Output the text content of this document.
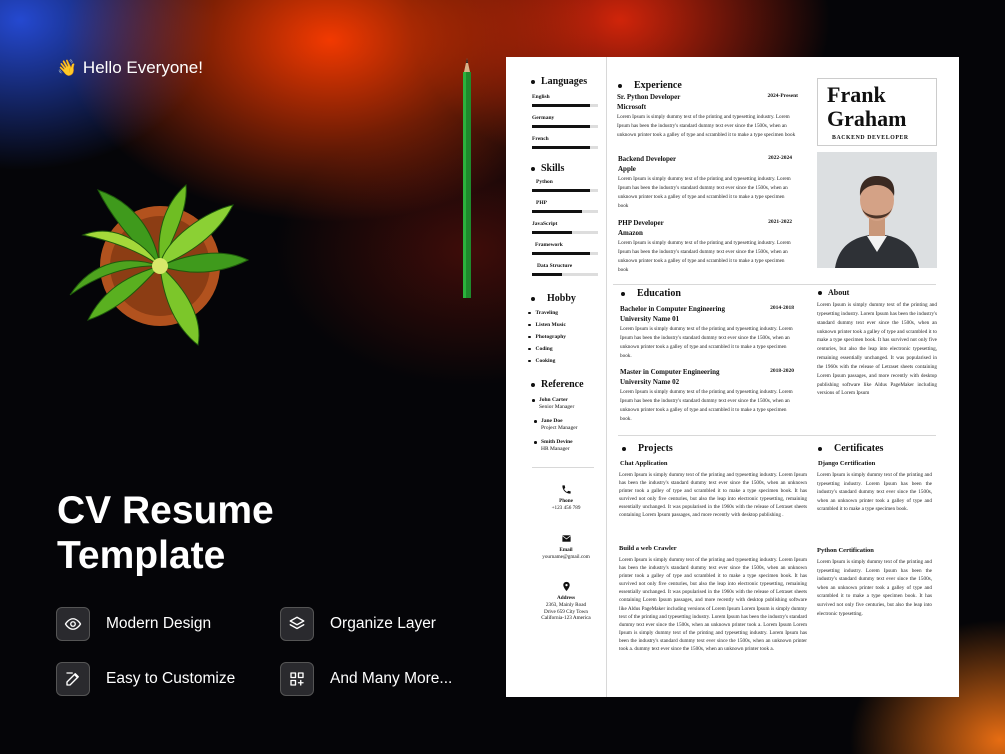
👋 Hello Everyone!
CV Resume
Template
Modern Design	Organize Layer
Easy to Customize	And Many More...
Languages
English
Germany
French
Skills
Python
PHP
JavaScript
Framework
Data Structure
Hobby
Traveling
Listen Music
Photography
Coding
Cooking
Reference
John Carter
Senior Manager
Jane Doe
Project Manager
Smith Devine
HR Manager
Phone
+123 456 789
Email
yourname@gmail.com
Address
2363, Mainly Road
Drive 659 City Town
California-123 America
Experience
Sr. Python Developer
Microsoft
2024-Present

Lorem Ipsum is simply dummy text of the printing and typesetting industry. Lorem Ipsum has been the industry's standard dummy text ever since the 1500s, when an unknown printer took a galley of type and scrambled it to make a type specimen book

Backend Developer
Apple
2022-2024

Lorem Ipsum is simply dummy text of the printing and typesetting industry. Lorem Ipsum has been the industry's standard dummy text ever since the 1500s, when an unknown printer took a galley of type and scrambled it to make a type specimen book

PHP Developer
Amazon
2021-2022

Lorem Ipsum is simply dummy text of the printing and typesetting industry. Lorem Ipsum has been the industry's standard dummy text ever since the 1500s, when an unknown printer took a galley of type and scrambled it to make a type specimen book

Frank
Graham
BACKEND DEVELOPER
Education
Bachelor in Computer Engineering
University Name 01
2014-2018

Lorem Ipsum is simply dummy text of the printing and typesetting industry. Lorem Ipsum has been the industry's standard dummy text ever since the 1500s, when an unknown printer took a galley of type and scrambled it to make a type specimen book.

Master in Computer Engineering
University Name 02
2018-2020

Lorem Ipsum is simply dummy text of the printing and typesetting industry. Lorem Ipsum has been the industry's standard dummy text ever since the 1500s, when an unknown printer took a galley of type and scrambled it to make a type specimen book.

About
Lorem Ipsum is simply dummy text of the printing and typesetting industry. Lorem Ipsum has been the industry's standard dummy text ever since the 1500s, when an unknown printer took a galley of type and scrambled it to make a type specimen book. It has survived not only five centuries, but also the leap into electronic typesetting, remaining essentially unchanged. It was popularised in the 1960s with the release of Letraset sheets containing Lorem Ipsum passages, and more recently with desktop publishing software like Aldus PageMaker including versions of Lorem Ipsum
Projects
Chat Application
Lorem Ipsum is simply dummy text of the printing and typesetting industry. Lorem Ipsum has been the industry's standard dummy text ever since the 1500s, when an unknown printer took a galley of type and scrambled it to make a type specimen book. It has survived not only five centuries, but also the leap into electronic typesetting, remaining essentially unchanged. It was popularised in the 1960s with the release of Letraset sheets containing Lorem Ipsum passages, and more recently with desktop publishing .
Build a web Crawler
Lorem Ipsum is simply dummy text of the printing and typesetting industry. Lorem Ipsum has been the industry's standard dummy text ever since the 1500s, when an unknown printer took a galley of type and scrambled it to make a type specimen book. It has survived not only five centuries, but also the leap into electronic typesetting, remaining essentially unchanged. It was popularised in the 1960s with the release of Letraset sheets containing Lorem Ipsum passages, and more recently with desktop publishing software like Aldus PageMaker including versions of Lorem Ipsum Lorem Ipsum is simply dummy text of the printing and typesetting industry. Lorem Ipsum has been the industry's standard dummy text ever since the 1500s, when an unknown printer took a. Lorem Ipsum Lorem Ipsum is simply dummy text of the printing and typesetting industry. Lorem Ipsum has been the industry's standard dummy text ever since the 1500s, when an unknown printer took a. dummy text ever since the 1500s, when an unknown printer took a.
Certificates
Django Certification
Lorem Ipsum is simply dummy text of the printing and typesetting industry. Lorem Ipsum has been the industry's standard dummy text ever since the 1500s, when an unknown printer took a galley of type and scrambled it to make a type specimen book.
Python Certification
Lorem Ipsum is simply dummy text of the printing and typesetting industry. Lorem Ipsum has been the industry's standard dummy text ever since the 1500s, when an unknown printer took a galley of type and scrambled it to make a type specimen book. It has survived not only five centuries, but also the leap into electronic typesetting.
